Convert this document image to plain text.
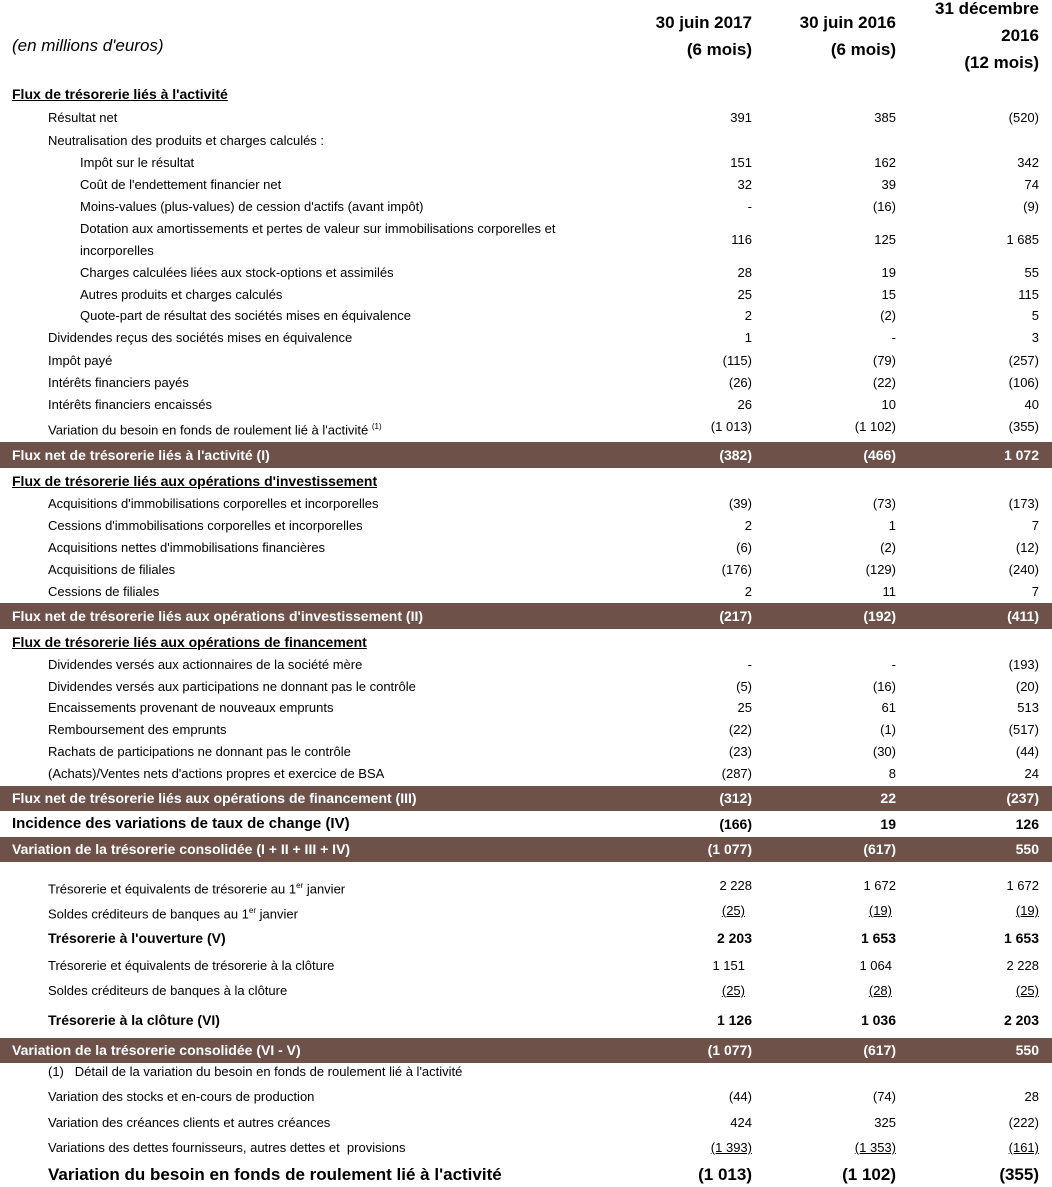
(en millions d'euros)
30 juin 2017
(6 mois)
30 juin 2016
(6 mois)
31 décembre
2016
(12 mois)
Flux de trésorerie liés à l'activité
Résultat net	391	385	(520)
Neutralisation des produits et charges calculés :
Impôt sur le résultat	151	162	342
Coût de l'endettement financier net	32	39	74
Moins-values (plus-values) de cession d'actifs (avant impôt)	-	(16)	(9)
Dotation aux amortissements et pertes de valeur sur immobilisations corporelles et incorporelles
116	125	1 685
Charges calculées liées aux stock-options et assimilés	28	19	55
Autres produits et charges calculés	25	15	115
Quote-part de résultat des sociétés mises en équivalence	2	(2)	5
Dividendes reçus des sociétés mises en équivalence	1	-	3
Impôt payé	(115)	(79)	(257)
Intérêts financiers payés	(26)	(22)	(106)
Intérêts financiers encaissés	26	10	40
Variation du besoin en fonds de roulement lié à l'activité $^{(1)}$	(1 013)	(1 102)	(355)
Flux net de trésorerie liés à l'activité (I)	(382)	(466)	1 072
Flux de trésorerie liés aux opérations d'investissement
Acquisitions d'immobilisations corporelles et incorporelles	(39)	(73)	(173)
Cessions d'immobilisations corporelles et incorporelles	2	1	7
Acquisitions nettes d'immobilisations financières	(6)	(2)	(12)
Acquisitions de filiales	(176)	(129)	(240)
Cessions de filiales	2	11	7
Flux net de trésorerie liés aux opérations d'investissement (II)	(217)	(192)	(411)
Flux de trésorerie liés aux opérations de financement
Dividendes versés aux actionnaires de la société mère	-	-	(193)
Dividendes versés aux participations ne donnant pas le contrôle	(5)	(16)	(20)
Encaissements provenant de nouveaux emprunts	25	61	513
Remboursement des emprunts	(22)	(1)	(517)
Rachats de participations ne donnant pas le contrôle	(23)	(30)	(44)
(Achats)/Ventes nets d'actions propres et exercice de BSA	(287)	8	24
Flux net de trésorerie liés aux opérations de financement (III)	(312)	22	(237)
Incidence des variations de taux de change (IV)	(166)	19	126
Variation de la trésorerie consolidée (I + II + III + IV)	(1 077)	(617)	550
Trésorerie et équivalents de trésorerie au 1er janvier	2 228	1 672	1 672
Soldes créditeurs de banques au 1er janvier	(25)	(19)	(19)
Trésorerie à l'ouverture (V)	2 203	1 653	1 653
Trésorerie et équivalents de trésorerie à la clôture	1 151	1 064	2 228
Soldes créditeurs de banques à la clôture	(25)	(28)	(25)
Trésorerie à la clôture (VI)	1 126	1 036	2 203
Variation de la trésorerie consolidée (VI - V)	(1 077)	(617)	550
(1)   Détail de la variation du besoin en fonds de roulement lié à l'activité
Variation des stocks et en-cours de production	(44)	(74)	28
Variation des créances clients et autres créances	424	325	(222)
Variations des dettes fournisseurs, autres dettes et  provisions	(1 393)	(1 353)	(161)
Variation du besoin en fonds de roulement lié à l'activité	(1 013)	(1 102)	(355)
